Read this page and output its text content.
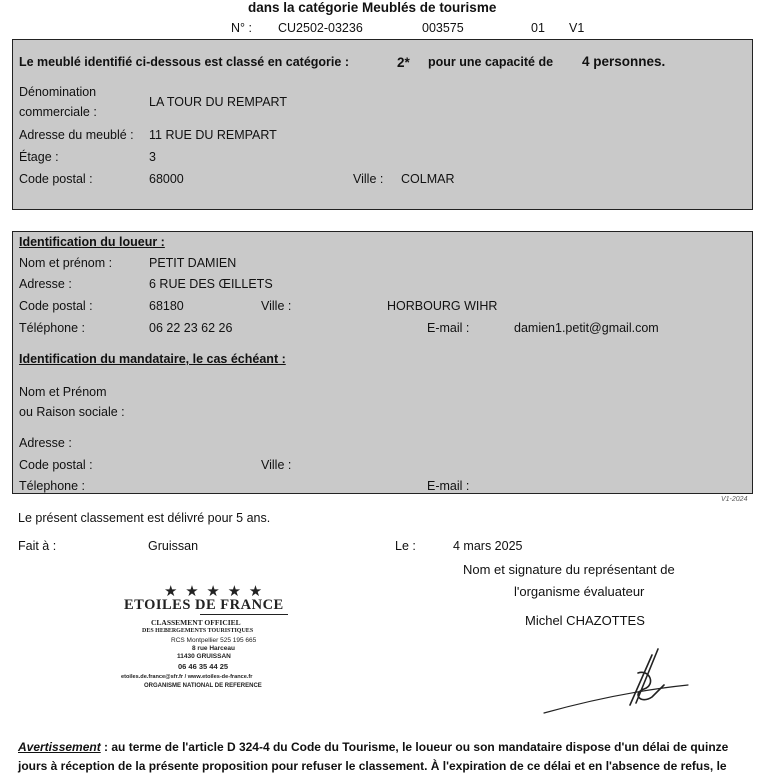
dans la catégorie Meublés de tourisme
N° : CU2502-03236	003575	01 V1
Le meublé identifié ci-dessous est classé en catégorie :	2* pour une capacité de 4 personnes.
Dénomination
commerciale :
LA TOUR DU REMPART
Adresse du meublé : 11 RUE DU REMPART
Étage :	3
Code postal :	68000	Ville : COLMAR
Identification du loueur :
Nom et prénom :	PETIT DAMIEN
Adresse :	6 RUE DES ŒILLETS
Code postal :	68180	Ville :	HORBOURG WIHR
Téléphone :	06 22 23 62 26	E-mail :	damien1.petit@gmail.com
Identification du mandataire, le cas échéant :
Nom et Prénom
ou Raison sociale :
Adresse :
Code postal :	Ville :
Télephone :	E-mail :
V1-2024
Le présent classement est délivré pour 5 ans.
Fait à :	Gruissan	Le :	4 mars 2025
Nom et signature du représentant de
l'organisme évaluateur
Michel CHAZOTTES
★ ★ ★ ★ ★
ETOILES DE FRANCE
CLASSEMENT OFFICIEL
DES HEBERGEMENTS TOURISTIQUES
RCS Montpellier 525 195 665
8 rue Harceau
11430 GRUISSAN
06 46 35 44 25
etoiles.de.france@sfr.fr / www.etoiles-de-france.fr
ORGANISME NATIONAL DE REFERENCE
Avertissement : au terme de l'article D 324-4 du Code du Tourisme, le loueur ou son mandataire dispose d'un délai de quinze
jours à réception de la présente proposition pour refuser le classement. À l'expiration de ce délai et en l'absence de refus, le
